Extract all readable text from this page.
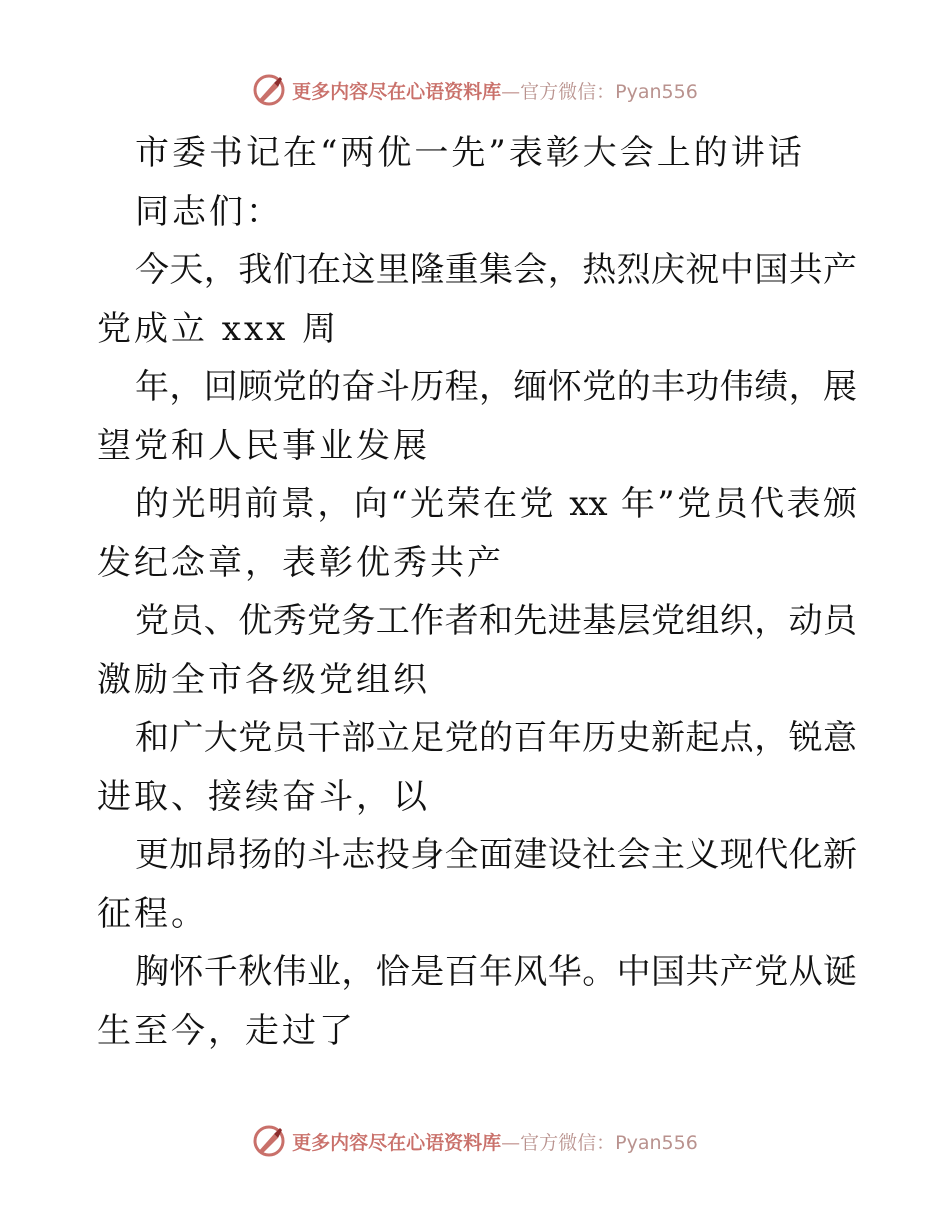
更多内容尽在心语资料库—官方微信：Pyan556
市委书记在“两优一先”表彰大会上的讲话
同志们：
今天，我们在这里隆重集会，热烈庆祝中国共产
党成立 xxx 周
年，回顾党的奋斗历程，缅怀党的丰功伟绩，展
望党和人民事业发展
的光明前景，向“光荣在党 xx 年”党员代表颁
发纪念章，表彰优秀共产
党员、优秀党务工作者和先进基层党组织，动员
激励全市各级党组织
和广大党员干部立足党的百年历史新起点，锐意
进取、接续奋斗，以
更加昂扬的斗志投身全面建设社会主义现代化新
征程。
胸怀千秋伟业，恰是百年风华。中国共产党从诞
生至今，走过了
更多内容尽在心语资料库—官方微信：Pyan556
